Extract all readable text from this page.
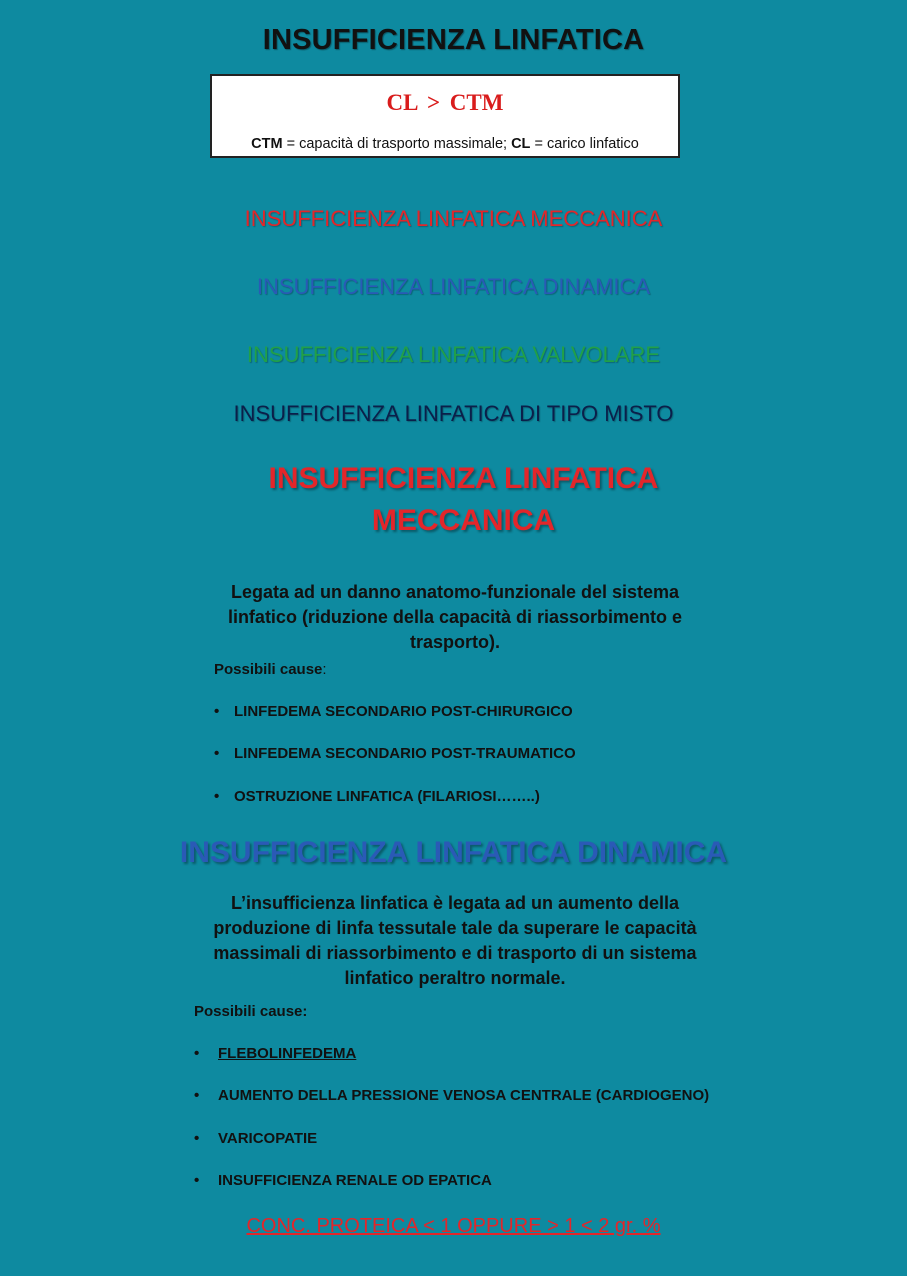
INSUFFICIENZA LINFATICA
CL > CTM
CTM = capacità di trasporto massimale; CL = carico linfatico
INSUFFICIENZA LINFATICA MECCANICA
INSUFFICIENZA LINFATICA DINAMICA
INSUFFICIENZA LINFATICA VALVOLARE
INSUFFICIENZA LINFATICA DI TIPO MISTO
INSUFFICIENZA LINFATICA
MECCANICA
Legata ad un danno anatomo-funzionale del sistema linfatico (riduzione della capacità di riassorbimento e trasporto).
Possibili cause:
• LINFEDEMA SECONDARIO POST-CHIRURGICO
• LINFEDEMA SECONDARIO POST-TRAUMATICO
• OSTRUZIONE LINFATICA (FILARIOSI……..)
INSUFFICIENZA LINFATICA DINAMICA
L’insufficienza linfatica è legata ad un aumento della produzione di linfa tessutale tale da superare le capacità massimali di riassorbimento e di trasporto di un sistema linfatico peraltro normale.
Possibili cause:
• FLEBOLINFEDEMA
• AUMENTO DELLA PRESSIONE VENOSA CENTRALE (CARDIOGENO)
• VARICOPATIE
• INSUFFICIENZA RENALE OD EPATICA
CONC. PROTEICA < 1 OPPURE > 1 < 2 gr. %
